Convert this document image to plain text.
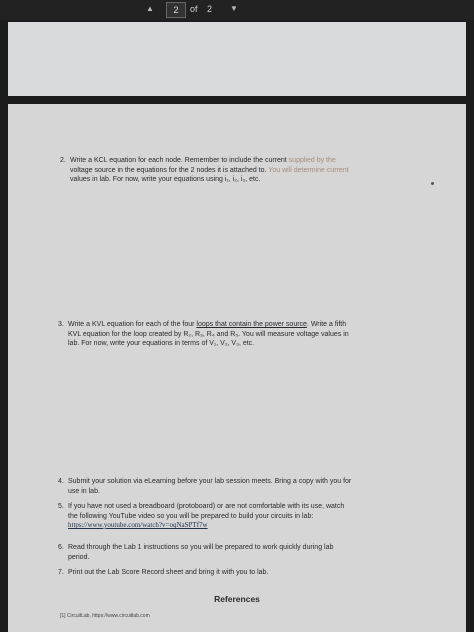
▲	2	of 2 ▼
2. Write a KCL equation for each node. Remember to include the current supplied by the
voltage source in the equations for the 2 nodes it is attached to. You will determine current
values in lab. For now, write your equations using i₁, i₂, i₃, etc.
3. Write a KVL equation for each of the four loops that contain the power source. Write a fifth
KVL equation for the loop created by R₂, R₃, R₄ and R₅. You will measure voltage values in
lab. For now, write your equations in terms of V₁, V₂, V₃, etc.
4. Submit your solution via eLearning before your lab session meets. Bring a copy with you for
use in lab.
5. If you have not used a breadboard (protoboard) or are not comfortable with its use, watch
the following YouTube video so you will be prepared to build your circuits in lab:
https://www.youtube.com/watch?v=oqNaSPTf7w
6. Read through the Lab 1 instructions so you will be prepared to work quickly during lab
period.
7. Print out the Lab Score Record sheet and bring it with you to lab.
References
[1] CircuitLab, https://www.circuitlab.com
